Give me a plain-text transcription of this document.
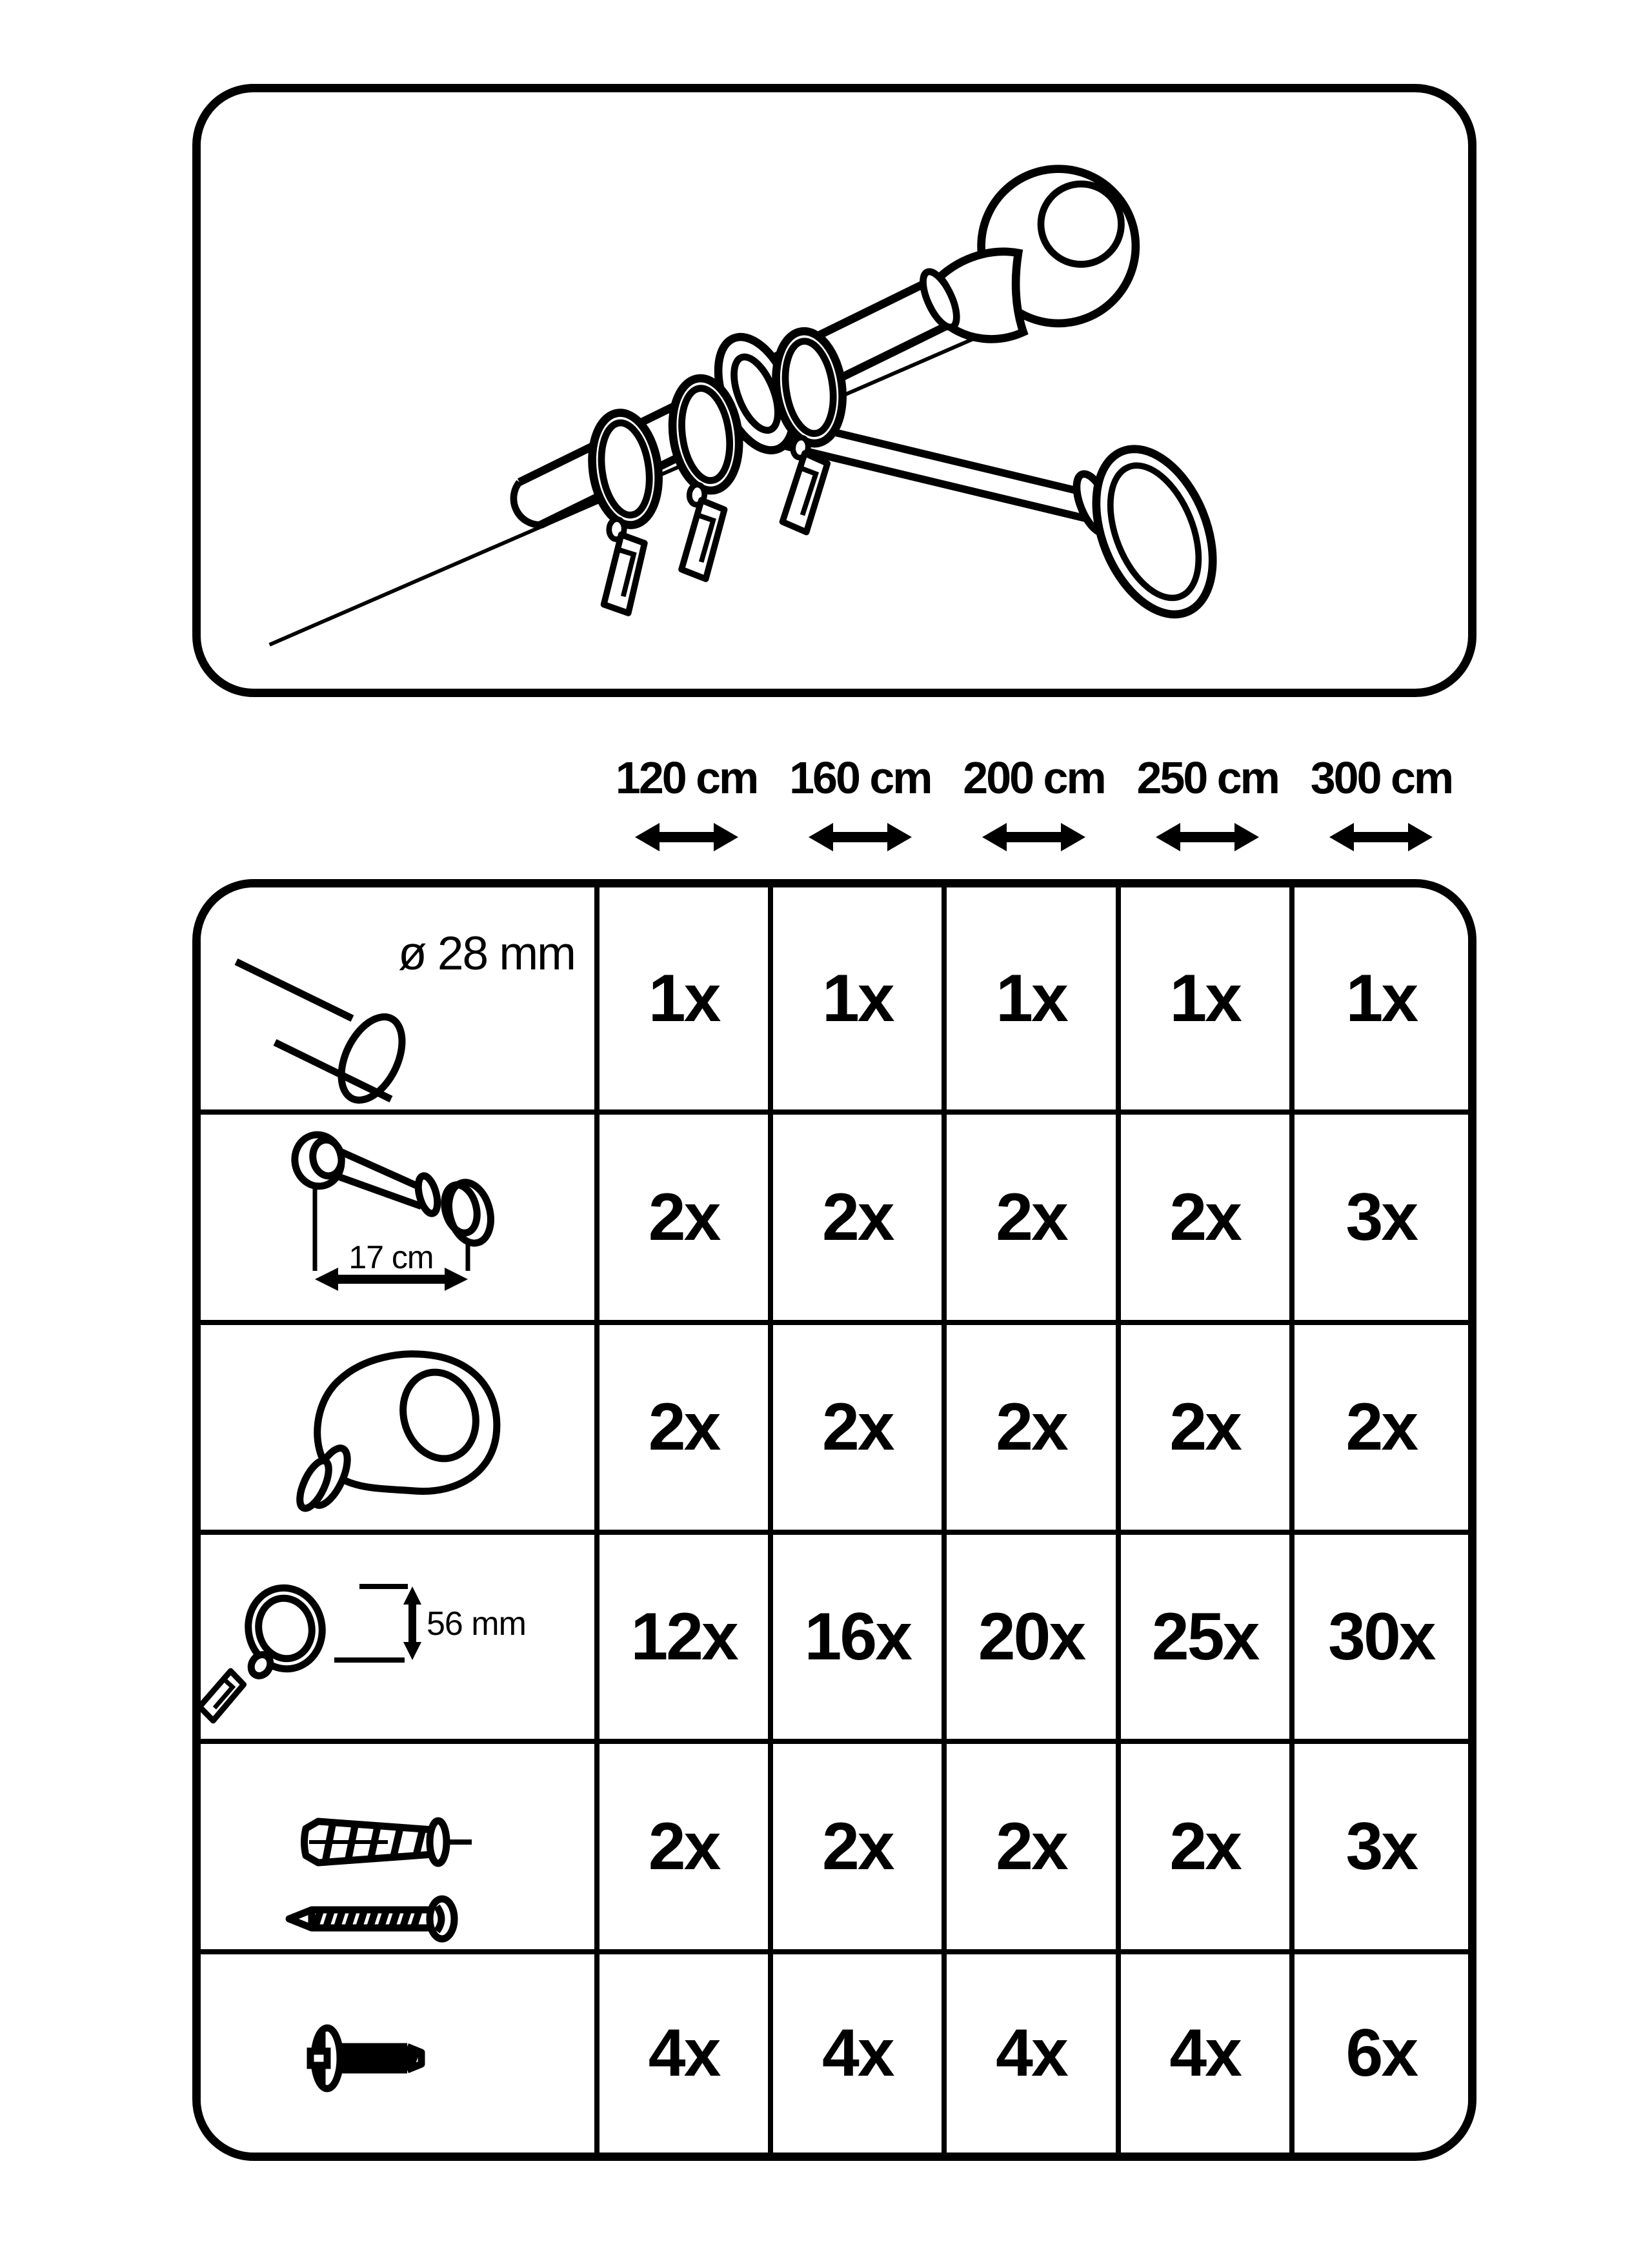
120 cm 160 cm 200 cm 250 cm 300 cm
ø 28 mm
1x 1x 1x 1x 1x
17 cm
2x 2x 2x 2x 3x
2x 2x 2x 2x 2x
56 mm 12x 16x 20x 25x 30x
2x 2x 2x 2x 3x
4x 4x 4x 4x 6x
